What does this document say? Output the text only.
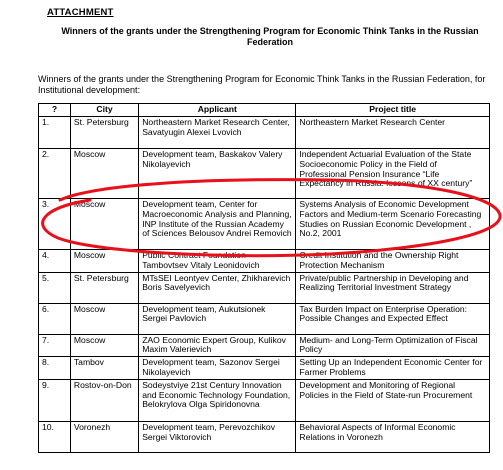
ATTACHMENT
Winners of the grants under the Strengthening Program for Economic Think Tanks in the Russian Federation
Winners of the grants under the Strengthening Program for Economic Think Tanks in the Russian Federation, for Institutional development:
?	City	Applicant	Project title
1.	St. Petersburg	Northeastern Market Research Center, Savatyugin Alexei Lvovich	Northeastern Market Research Center
2.	Moscow	Development team, Baskakov Valery Nikolayevich	Independent Actuarial Evaluation of the State Socioeconomic Policy in the Field of Professional Pension Insurance “Life Expectancy in Russia: lessons of XX century”
3.	Moscow	Development team, Center for Macroeconomic Analysis and Planning, INP Institute of the Russian Academy of Sciences Belousov Andrei Removich	Systems Analysis of Economic Development Factors and Medium-term Scenario Forecasting Studies on Russian Economic Development , No.2, 2001
4.	Moscow	Public Contract Foundation Tambovtsev Vitaly Leonidovich	Credit Institution and the Ownership Right Protection Mechanism
5.	St. Petersburg	MTsSEI Leontyev Center, Zhikharevich Boris Savelyevich	Private/public Partnership in Developing and Realizing Territorial Investment Strategy
6.	Moscow	Development team, Aukutsionek Sergei Pavlovich	Tax Burden Impact on Enterprise Operation: Possible Changes and Expected Effect
7.	Moscow	ZAO Economic Expert Group, Kulikov Maxim Valerievich	Medium- and Long-Term Optimization of Fiscal Policy
8.	Tambov	Development team, Sazonov Sergei Nikolayevich	Setting Up an Independent Economic Center for Farmer Problems
9.	Rostov-on-Don	Sodeystviye 21st Century Innovation and Economic Technology Foundation, Belokrylova Olga Spiridonovna	Development and Monitoring of Regional Policies in the Field of State-run Procurement
10.	Voronezh	Development team, Perevozchikov Sergei Viktorovich	Behavioral Aspects of Informal Economic Relations in Voronezh
